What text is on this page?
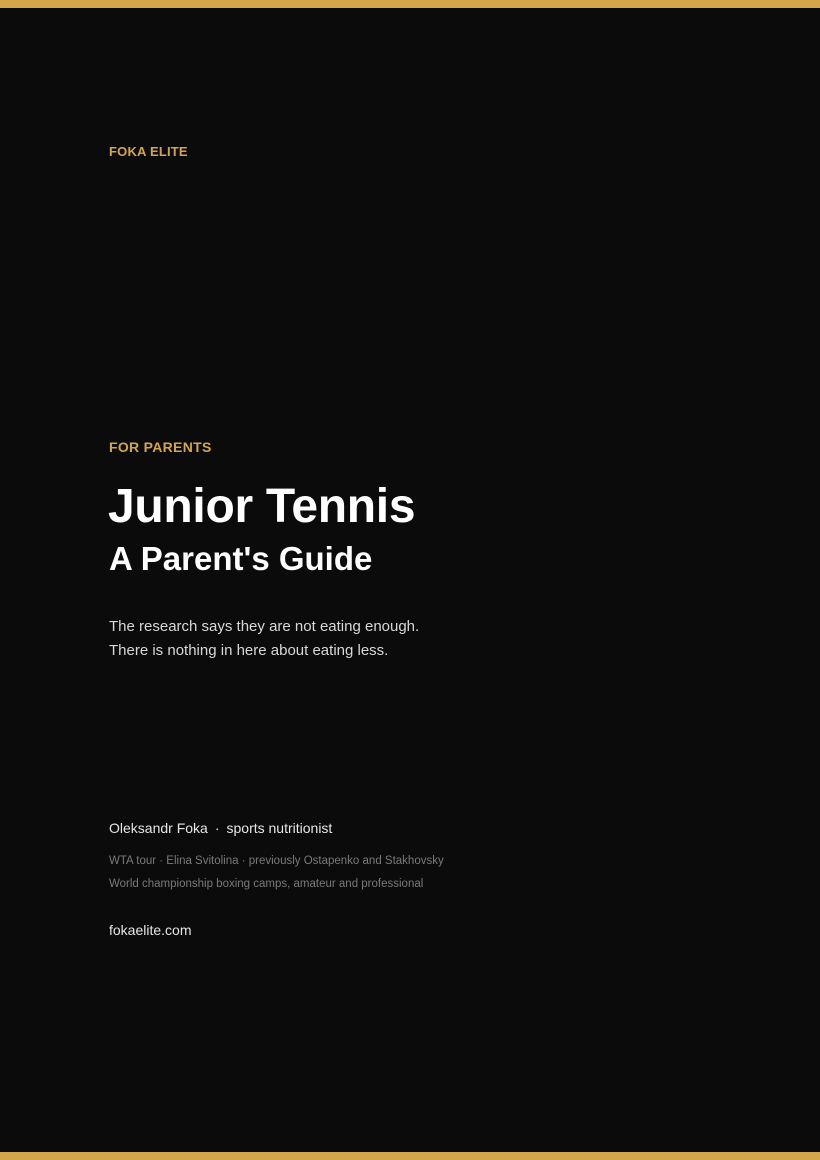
FOKA ELITE
FOR PARENTS
Junior Tennis
A Parent's Guide
The research says they are not eating enough.
There is nothing in here about eating less.
Oleksandr Foka · sports nutritionist
WTA tour · Elina Svitolina · previously Ostapenko and Stakhovsky
World championship boxing camps, amateur and professional
fokaelite.com
